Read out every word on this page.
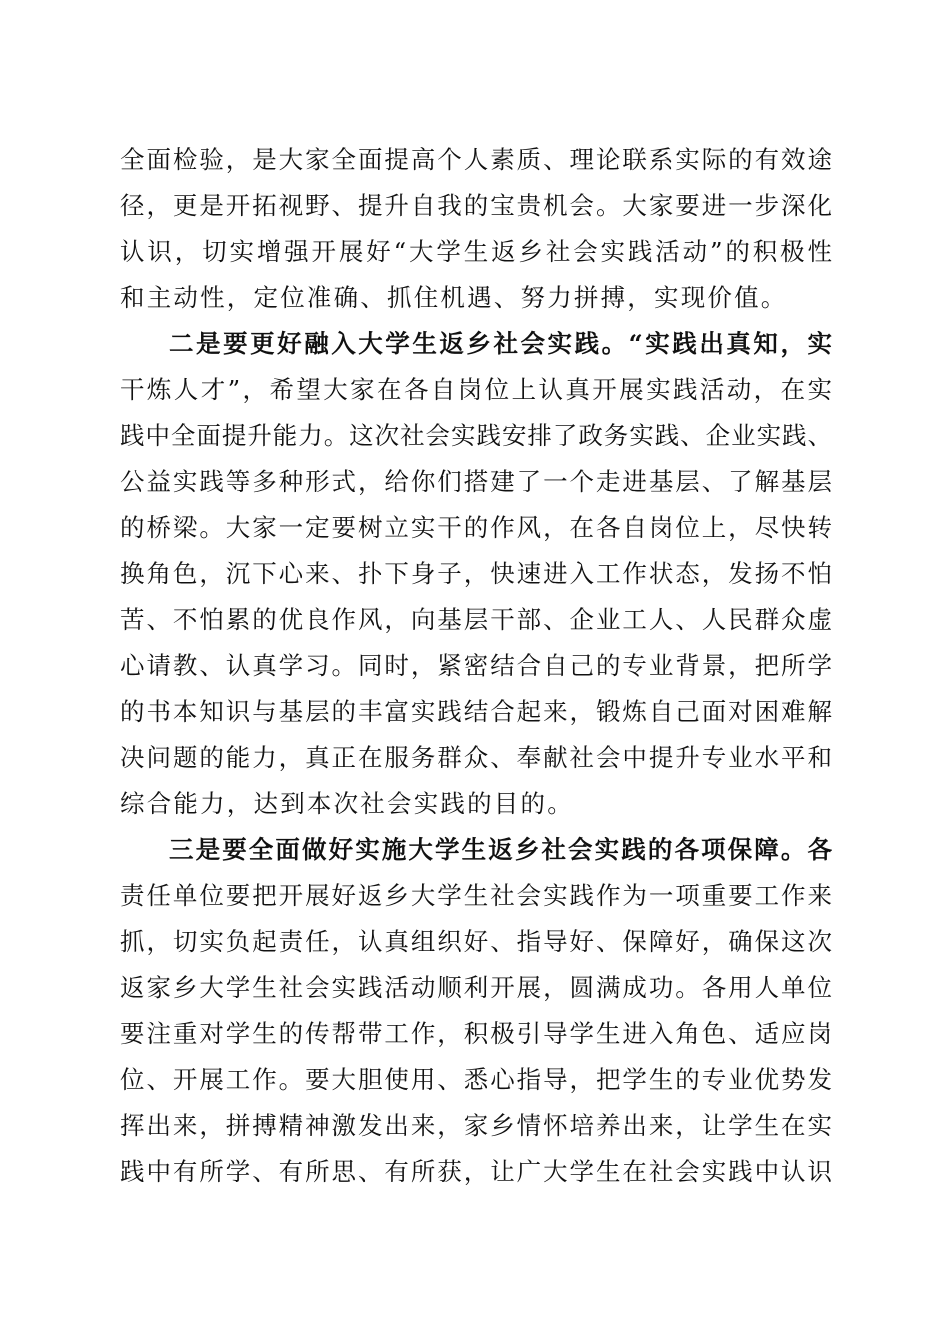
全面检验，是大家全面提高个人素质、理论联系实际的有效途
径，更是开拓视野、提升自我的宝贵机会。大家要进一步深化
认识，切实增强开展好“大学生返乡社会实践活动”的积极性
和主动性，定位准确、抓住机遇、努力拼搏，实现价值。
二是要更好融入大学生返乡社会实践。“实践出真知，实
干炼人才”，希望大家在各自岗位上认真开展实践活动，在实
践中全面提升能力。这次社会实践安排了政务实践、企业实践、
公益实践等多种形式，给你们搭建了一个走进基层、了解基层
的桥梁。大家一定要树立实干的作风，在各自岗位上，尽快转
换角色，沉下心来、扑下身子，快速进入工作状态，发扬不怕
苦、不怕累的优良作风，向基层干部、企业工人、人民群众虚
心请教、认真学习。同时，紧密结合自己的专业背景，把所学
的书本知识与基层的丰富实践结合起来，锻炼自己面对困难解
决问题的能力，真正在服务群众、奉献社会中提升专业水平和
综合能力，达到本次社会实践的目的。
三是要全面做好实施大学生返乡社会实践的各项保障。各
责任单位要把开展好返乡大学生社会实践作为一项重要工作来
抓，切实负起责任，认真组织好、指导好、保障好，确保这次
返家乡大学生社会实践活动顺利开展，圆满成功。各用人单位
要注重对学生的传帮带工作，积极引导学生进入角色、适应岗
位、开展工作。要大胆使用、悉心指导，把学生的专业优势发
挥出来，拼搏精神激发出来，家乡情怀培养出来，让学生在实
践中有所学、有所思、有所获，让广大学生在社会实践中认识
